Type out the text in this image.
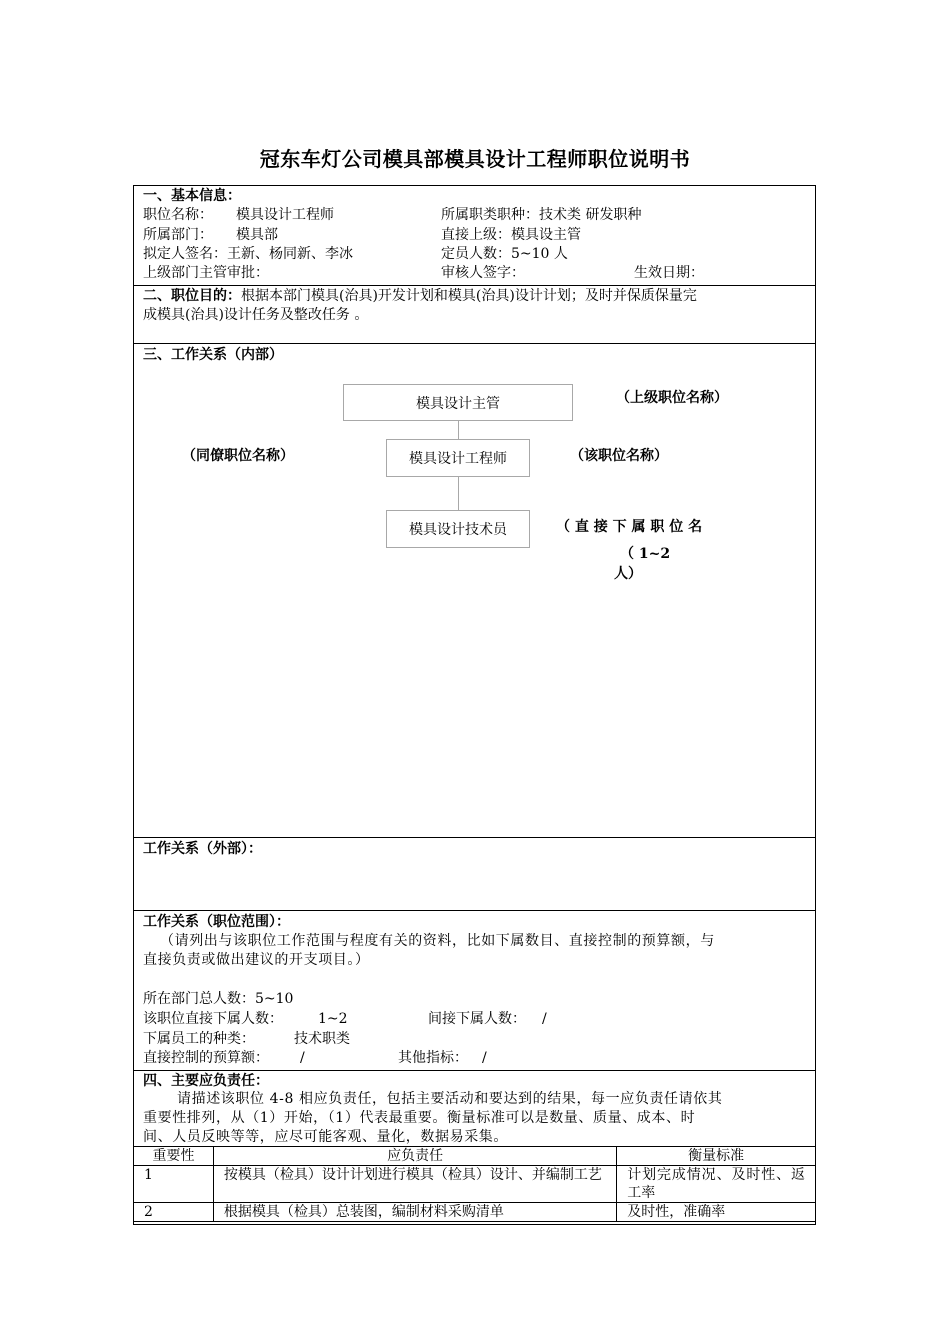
冠东车灯公司模具部模具设计工程师职位说明书
一、基本信息：
职位名称： 模具设计工程师	所属职类职种：技术类 研发职种
所属部门： 模具部	直接上级：模具设主管
拟定人签名：王新、杨同新、李冰	定员人数：5~10 人
上级部门主管审批：	审核人签字：	生效日期：
二、职位目的：根据本部门模具(治具)开发计划和模具(治具)设计计划；及时并保质保量完
成模具(治具)设计任务及整改任务 。
三、工作关系（内部）
模具设计主管	（上级职位名称）
（同僚职位名称）	模具设计工程师	（该职位名称）
模具设计技术员	（ 直 接 下 属 职 位 名
（ 1~2
人）
工作关系（外部）：
工作关系（职位范围）：
（请列出与该职位工作范围与程度有关的资料，比如下属数目、直接控制的预算额，与
直接负责或做出建议的开支项目。）
所在部门总人数：5~10
该职位直接下属人数：	1~2	间接下属人数： /
下属员工的种类：	技术职类
直接控制的预算额： /	其他指标： /
四、主要应负责任：
请描述该职位 4-8 相应负责任，包括主要活动和要达到的结果，每一应负责任请依其
重要性排列，从（1）开始，（1）代表最重要。衡量标准可以是数量、质量、成本、时
间、人员反映等等，应尽可能客观、量化，数据易采集。
重要性	应负责任	衡量标准
1	按模具（检具）设计计划进行模具（检具）设计、并编制工艺	计划完成情况、及时性、返工率
2	根据模具（检具）总装图，编制材料采购清单	及时性，准确率
